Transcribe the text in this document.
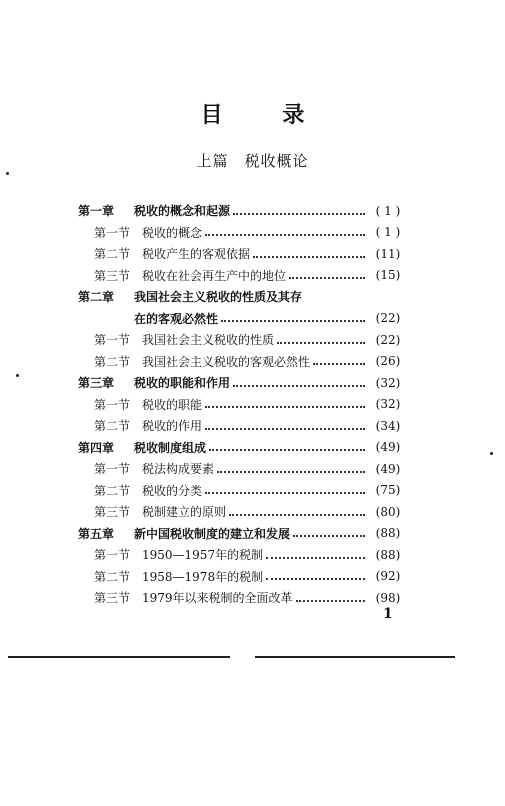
目 录
上篇 税收概论
第一章	税收的概念和起源	( 1 )
第一节 税收的概念	( 1 )
第二节 税收产生的客观依据	(11)
第三节 税收在社会再生产中的地位	(15)
第二章	我国社会主义税收的性质及其存
在的客观必然性	(22)
第一节 我国社会主义税收的性质	(22)
第二节 我国社会主义税收的客观必然性	(26)
第三章	税收的职能和作用	(32)
第一节 税收的职能	(32)
第二节 税收的作用	(34)
第四章	税收制度组成	(49)
第一节 税法构成要素	(49)
第二节 税收的分类	(75)
第三节 税制建立的原则	(80)
第五章	新中国税收制度的建立和发展	(88)
第一节 1950—1957年的税制	(88)
第二节 1958—1978年的税制	(92)
第三节 1979年以来税制的全面改革	(98)
1
